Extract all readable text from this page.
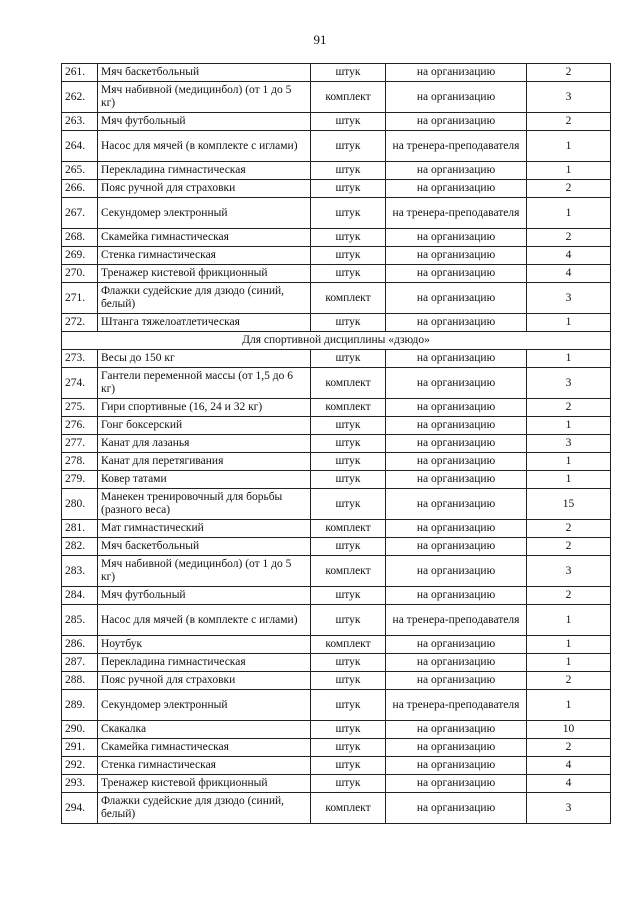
91
261.	Мяч баскетбольный	штук	на организацию	2
262.	Мяч набивной (медицинбол) (от 1 до 5 кг)	комплект	на организацию	3
263.	Мяч футбольный	штук	на организацию	2
264.	Насос для мячей (в комплекте с иглами)	штук	на тренера-преподавателя	1
265.	Перекладина гимнастическая	штук	на организацию	1
266.	Пояс ручной для страховки	штук	на организацию	2
267.	Секундомер электронный	штук	на тренера-преподавателя	1
268.	Скамейка гимнастическая	штук	на организацию	2
269.	Стенка гимнастическая	штук	на организацию	4
270.	Тренажер кистевой фрикционный	штук	на организацию	4
271.	Флажки судейские для дзюдо (синий, белый)	комплект	на организацию	3
272.	Штанга тяжелоатлетическая	штук	на организацию	1
Для спортивной дисциплины «дзюдо»				
273.	Весы до 150 кг	штук	на организацию	1
274.	Гантели переменной массы (от 1,5 до 6 кг)	комплект	на организацию	3
275.	Гири спортивные (16, 24 и 32 кг)	комплект	на организацию	2
276.	Гонг боксерский	штук	на организацию	1
277.	Канат для лазанья	штук	на организацию	3
278.	Канат для перетягивания	штук	на организацию	1
279.	Ковер татами	штук	на организацию	1
280.	Манекен тренировочный для борьбы (разного веса)	штук	на организацию	15
281.	Мат гимнастический	комплект	на организацию	2
282.	Мяч баскетбольный	штук	на организацию	2
283.	Мяч набивной (медицинбол) (от 1 до 5 кг)	комплект	на организацию	3
284.	Мяч футбольный	штук	на организацию	2
285.	Насос для мячей (в комплекте с иглами)	штук	на тренера-преподавателя	1
286.	Ноутбук	комплект	на организацию	1
287.	Перекладина гимнастическая	штук	на организацию	1
288.	Пояс ручной для страховки	штук	на организацию	2
289.	Секундомер электронный	штук	на тренера-преподавателя	1
290.	Скакалка	штук	на организацию	10
291.	Скамейка гимнастическая	штук	на организацию	2
292.	Стенка гимнастическая	штук	на организацию	4
293.	Тренажер кистевой фрикционный	штук	на организацию	4
294.	Флажки судейские для дзюдо (синий, белый)	комплект	на организацию	3
